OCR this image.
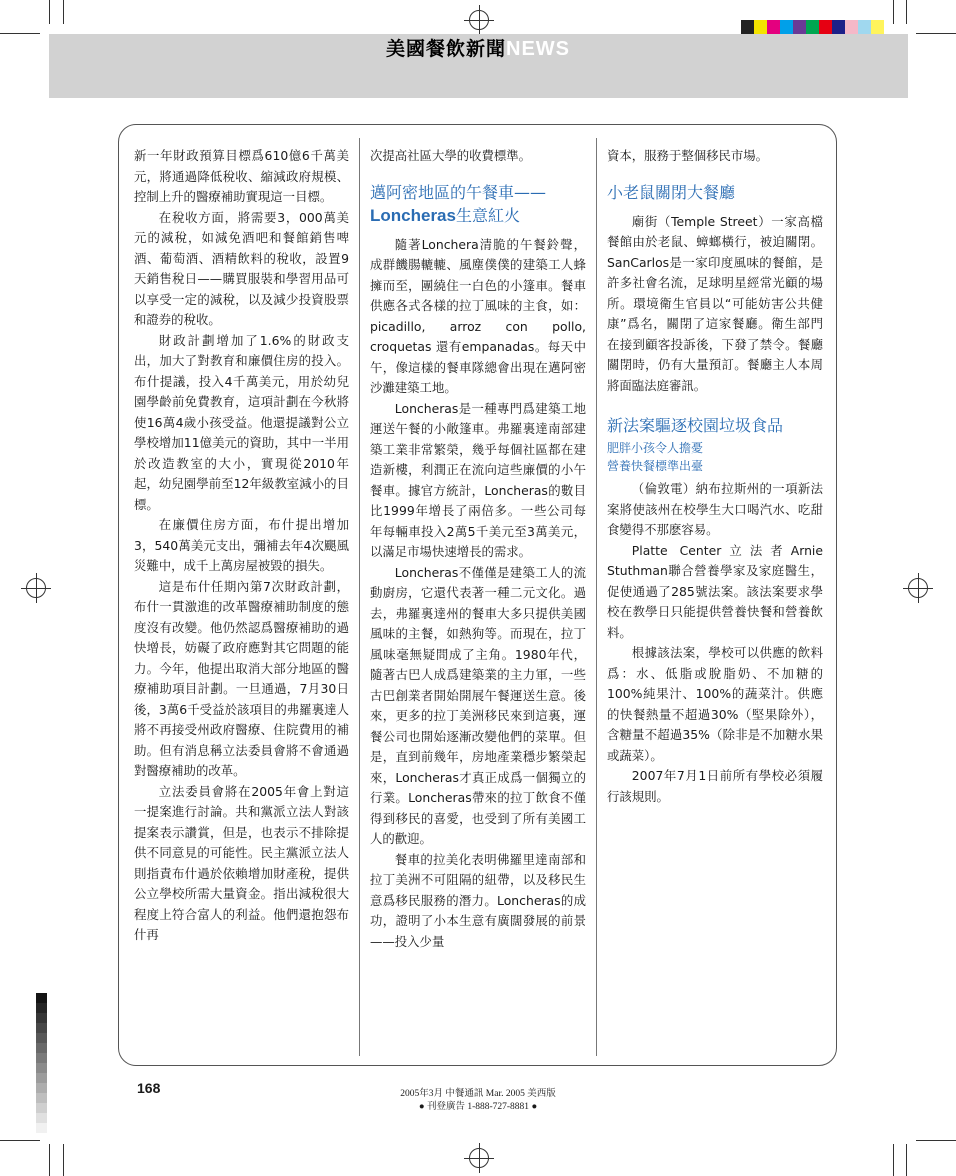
美國餐飲新聞NEWS

新一年財政預算目標爲610億6千萬美元，將通過降低稅收、縮減政府規模、控制上升的醫療補助實現這一目標。

在稅收方面，將需要3，000萬美元的減稅，如減免酒吧和餐館銷售啤酒、葡萄酒、酒精飲料的稅收，設置9天銷售稅日——購買服裝和學習用品可以享受一定的減稅，以及減少投資股票和證券的稅收。

財政計劃增加了1.6%的財政支出，加大了對教育和廉價住房的投入。布什提議，投入4千萬美元，用於幼兒園學齡前免費教育，這項計劃在今秋將使16萬4歲小孩受益。他還提議對公立學校增加11億美元的資助，其中一半用於改造教室的大小，實現從2010年起，幼兒園學前至12年級教室減小的目標。

在廉價住房方面，布什提出增加3，540萬美元支出，彌補去年4次颶風災難中，成千上萬房屋被毀的損失。

這是布什任期內第7次財政計劃，布什一貫激進的改革醫療補助制度的態度沒有改變。他仍然認爲醫療補助的過快增長，妨礙了政府應對其它問題的能力。今年，他提出取消大部分地區的醫療補助項目計劃。一旦通過，7月30日後，3萬6千受益於該項目的弗羅裏達人將不再接受州政府醫療、住院費用的補助。但有消息稱立法委員會將不會通過對醫療補助的改革。

立法委員會將在2005年會上對這一提案進行討論。共和黨派立法人對該提案表示讚賞，但是，也表示不排除提供不同意見的可能性。民主黨派立法人則指責布什過於依賴增加財產稅，提供公立學校所需大量資金。指出減稅很大程度上符合富人的利益。他們還抱怨布什再

次提高社區大學的收費標準。

邁阿密地區的午餐車——
Loncheras生意紅火

隨著Lonchera清脆的午餐鈴聲，成群饑腸轆轆、風塵僕僕的建築工人蜂擁而至，團繞住一白色的小篷車。餐車供應各式各樣的拉丁風味的主食，如：picadillo, arroz con pollo, croquetas 還有empanadas。每天中午，像這樣的餐車隊總會出現在邁阿密沙灘建築工地。

Loncheras是一種專門爲建築工地運送午餐的小敞篷車。弗羅裏達南部建築工業非常繁榮，幾乎每個社區都在建造新樓，利潤正在流向這些廉價的小午餐車。據官方統計，Loncheras的數目比1999年增長了兩倍多。一些公司每年每輛車投入2萬5千美元至3萬美元，以滿足市場快速增長的需求。

Loncheras不僅僅是建築工人的流動廚房，它還代表著一種二元文化。過去，弗羅裏達州的餐車大多只提供美國風味的主餐，如熱狗等。而現在，拉丁風味毫無疑問成了主角。1980年代，隨著古巴人成爲建築業的主力軍，一些古巴創業者開始開展午餐運送生意。後來，更多的拉丁美洲移民來到這裏，運餐公司也開始逐漸改變他們的菜單。但是，直到前幾年，房地產業穩步繁榮起來，Loncheras才真正成爲一個獨立的行業。Loncheras帶來的拉丁飲食不僅得到移民的喜愛，也受到了所有美國工人的歡迎。

餐車的拉美化表明佛羅里達南部和拉丁美洲不可阻隔的紐帶，以及移民生意爲移民服務的潛力。Loncheras的成功，證明了小本生意有廣闊發展的前景——投入少量

資本，服務于整個移民市場。

小老鼠關閉大餐廳

廟街（Temple Street）一家高檔餐館由於老鼠、蟑螂橫行，被迫關閉。SanCarlos是一家印度風味的餐館，是許多社會名流，足球明星經常光顧的場所。環境衛生官員以“可能妨害公共健康”爲名，關閉了這家餐廳。衛生部門在接到顧客投訴後，下發了禁令。餐廳關閉時，仍有大量預訂。餐廳主人本周將面臨法庭審訊。

新法案驅逐校園垃圾食品
肥胖小孩令人擔憂
營養快餐標準出臺

（倫敦電）納布拉斯州的一項新法案將使該州在校學生大口喝汽水、吃甜食變得不那麽容易。

Platte Center立法者Arnie Stuthman聯合營養學家及家庭醫生，促使通過了285號法案。該法案要求學校在教學日只能提供營養快餐和營養飲料。

根據該法案，學校可以供應的飲料爲：水、低脂或脫脂奶、不加糖的100%純果汁、100%的蔬菜汁。供應的快餐熱量不超過30%（堅果除外），含糖量不超過35%（除非是不加糖水果或蔬菜）。

2007年7月1日前所有學校必須履行該規則。

168	2005年3月 中餐通訊 Mar. 2005 美西版
● 刊登廣告 1-888-727-8881 ●
